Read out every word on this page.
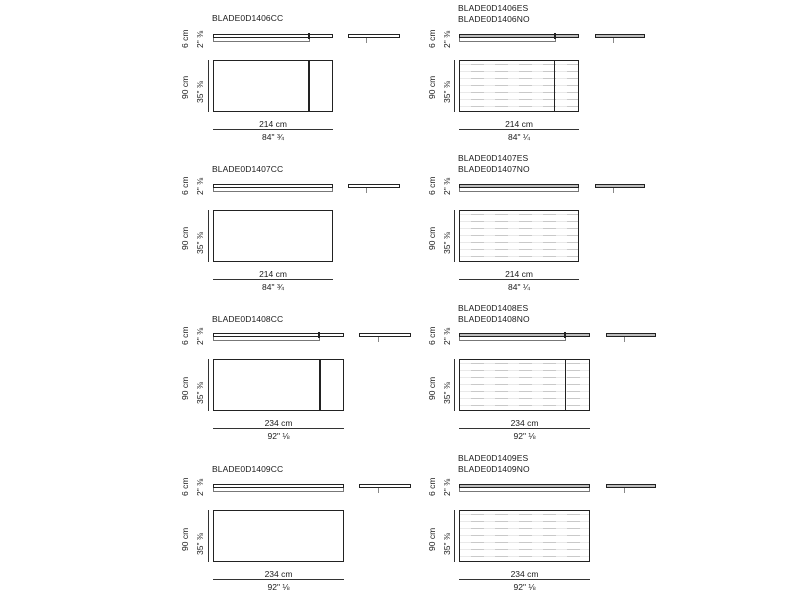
BLADE0D1406CC
6 cm 2" ⅜
90 cm 35" ⅜
214 cm
84" ¾
BLADE0D1406ES
BLADE0D1406NO
6 cm 2" ⅜
90 cm 35" ⅜
214 cm
84" ¼
BLADE0D1407CC
6 cm 2" ⅜
90 cm 35" ⅜
214 cm
84" ¾
BLADE0D1407ES
BLADE0D1407NO
6 cm 2" ⅜
90 cm 35" ⅜
214 cm
84" ¼
BLADE0D1408CC
6 cm 2" ⅜
90 cm 35" ⅜
234 cm
92" ⅛
BLADE0D1408ES
BLADE0D1408NO
6 cm 2" ⅜
90 cm 35" ⅜
234 cm
92" ⅛
BLADE0D1409CC
6 cm 2" ⅜
90 cm 35" ⅜
234 cm
92" ⅛
BLADE0D1409ES
BLADE0D1409NO
6 cm 2" ⅜
90 cm 35" ⅜
234 cm
92" ⅛
